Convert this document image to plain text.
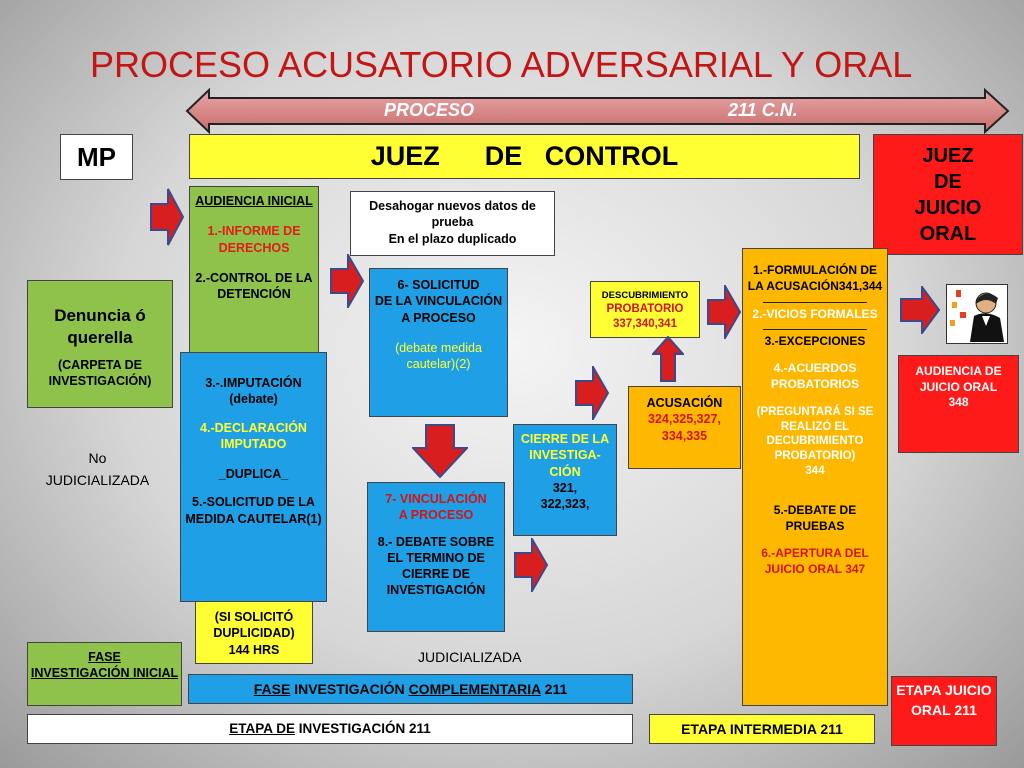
PROCESO ACUSATORIO ADVERSARIAL Y ORAL
PROCESO	211 C.N.
MP	JUEZ      DE   CONTROL	JUEZ
DE
JUICIO
ORAL
Denuncia ó querella
(CARPETA DE INVESTIGACIÓN)
No
JUDICIALIZADA
JUDICIALIZADA
AUDIENCIA INICIAL
1.-INFORME DE DERECHOS
2.-CONTROL DE LA DETENCIÓN
(SI SOLICITÓ DUPLICIDAD)
144 HRS
3.-.IMPUTACIÓN
(debate)
4.-DECLARACIÓN
IMPUTADO
_DUPLICA_
5.-SOLICITUD DE LA MEDIDA CAUTELAR(1)
Desahogar nuevos datos de prueba
En el plazo duplicado
6- SOLICITUD
DE LA VINCULACIÓN
A PROCESO
(debate medida cautelar)(2)
7- VINCULACIÓN
A PROCESO
8.- DEBATE SOBRE EL TERMINO DE CIERRE DE INVESTIGACIÓN
CIERRE DE LA INVESTIGA-CIÓN
321,
322,323,
DESCUBRIMIENTO
PROBATORIO
337,340,341
ACUSACIÓN
324,325,327,
334,335
1.-FORMULACIÓN DE LA ACUSACIÓN341,344
2.-VICIOS FORMALES
3.-EXCEPCIONES
4.-ACUERDOS PROBATORIOS
(PREGUNTARÁ SI SE REALIZÓ EL DECUBRIMIENTO PROBATORIO)
344
5.-DEBATE DE PRUEBAS
6.-APERTURA DEL JUICIO ORAL 347
AUDIENCIA DE JUICIO ORAL
348
FASE
INVESTIGACIÓN INICIAL
FASE INVESTIGACIÓN COMPLEMENTARIA 211
ETAPA DE INVESTIGACIÓN 211	ETAPA INTERMEDIA 211
ETAPA JUICIO ORAL 211
